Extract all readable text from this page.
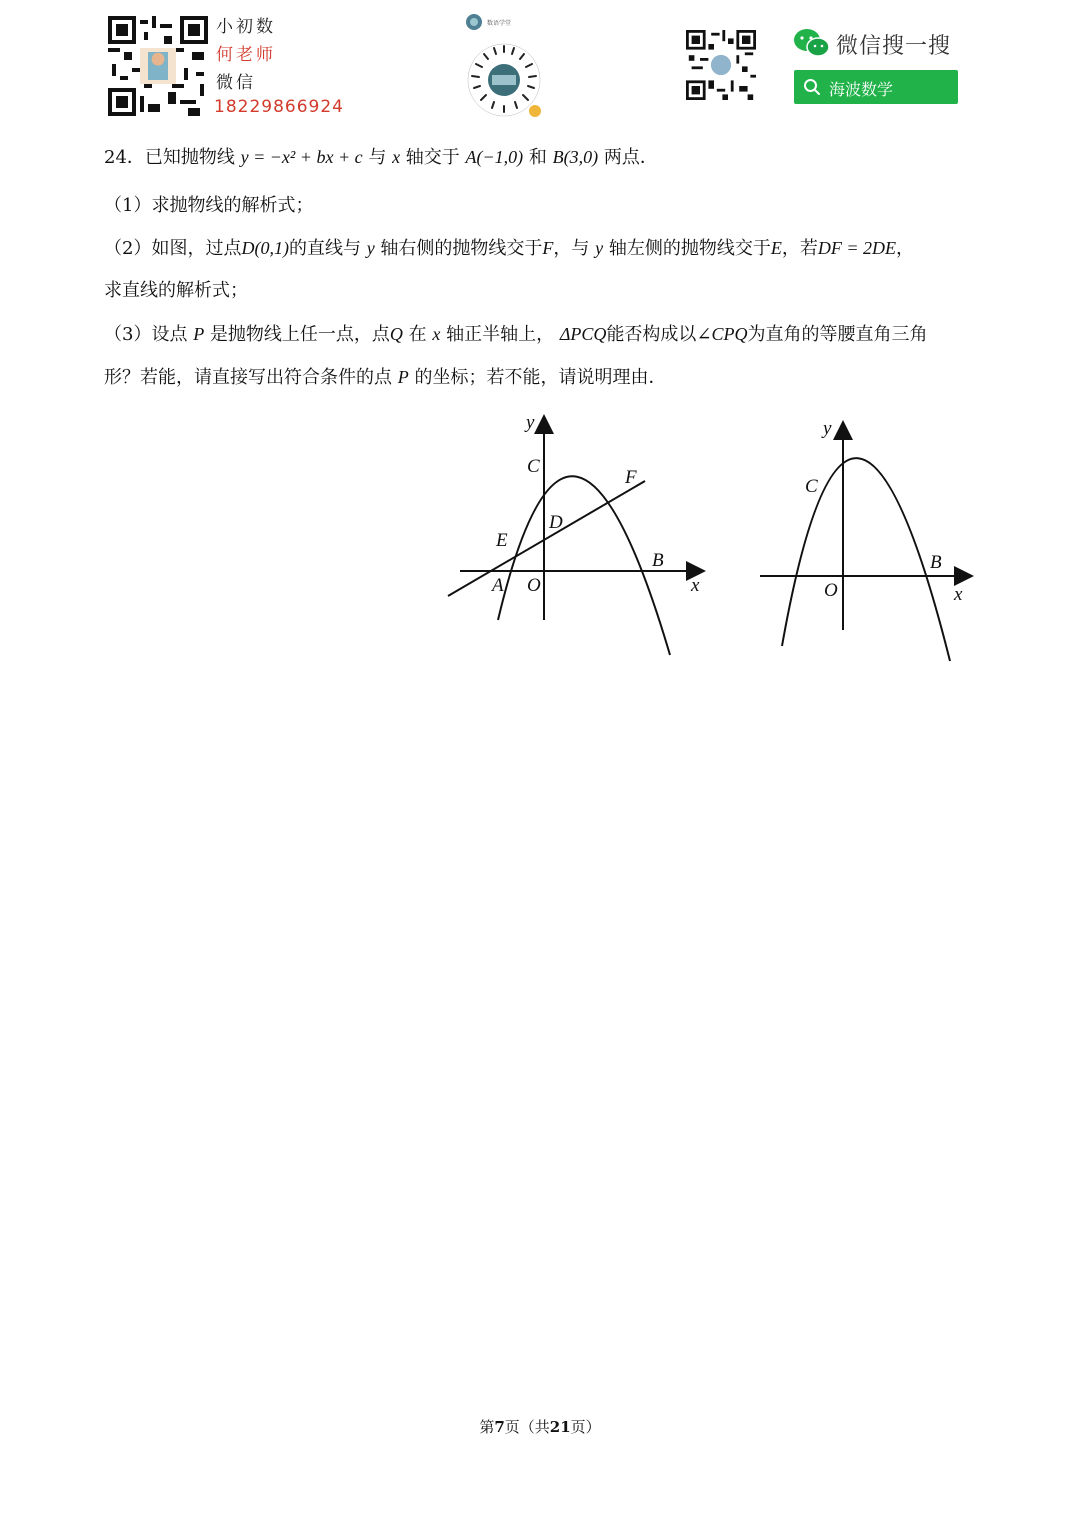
小初数
何老师
微信
18229866924
数语学堂
微信搜一搜
海波数学
24．已知抛物线 y = −x² + bx + c 与 x 轴交于 A(−1,0) 和 B(3,0) 两点．
（1）求抛物线的解析式；
（2）如图，过点D(0,1)的直线与 y 轴右侧的抛物线交于F，与 y 轴左侧的抛物线交于E，若DF = 2DE，
求直线的解析式；
（3）设点 P 是抛物线上任一点，点Q 在 x 轴正半轴上， ΔPCQ能否构成以∠CPQ为直角的等腰直角三角
形？若能，请直接写出符合条件的点 P 的坐标；若不能，请说明理由．
y
C
F
D
E
B
A O	x
y
C
B
O	x
第7页（共21页）
